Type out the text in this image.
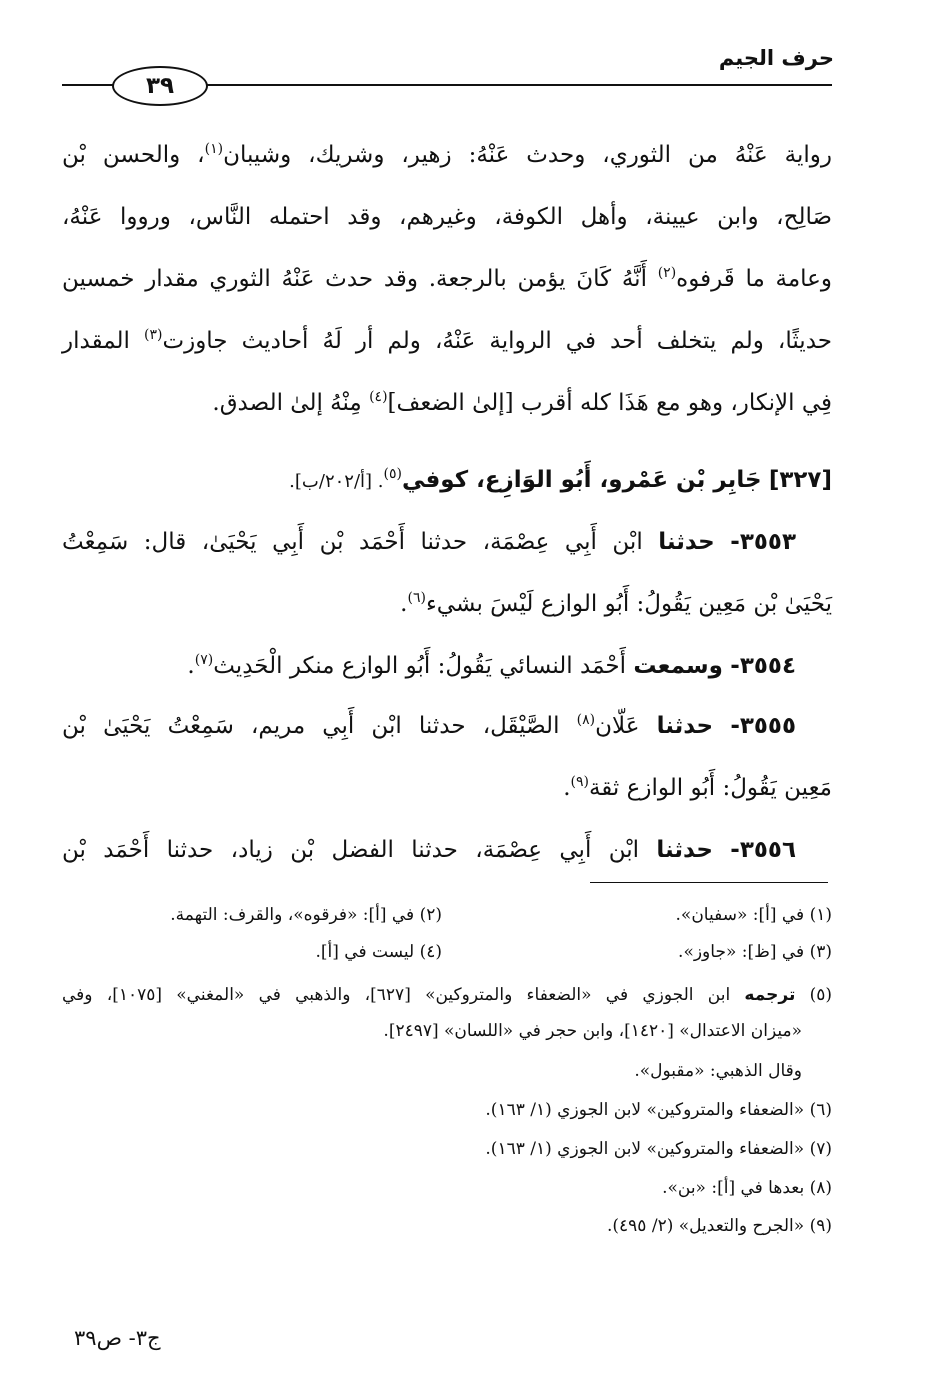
حرف الجيم
٣٩
رواية عَنْهُ من الثوري، وحدث عَنْهُ: زهير، وشريك، وشيبان$^{(١)}$، والحسن بْن
صَالِح، وابن عيينة، وأهل الكوفة، وغيرهم، وقد احتمله النَّاس، ورووا عَنْهُ،
وعامة ما قَرفوه$^{(٢)}$ أَنَّهُ كَانَ يؤمن بالرجعة. وقد حدث عَنْهُ الثوري مقدار خمسين
حديثًا، ولم يتخلف أحد في الرواية عَنْهُ، ولم أر لَهُ أحاديث جاوزت$^{(٣)}$ المقدار
فِي الإنكار، وهو مع هَذَا كله أقرب [إلىٰ الضعف]$^{(٤)}$ مِنْهُ إلىٰ الصدق.
[٣٢٧] جَابِر بْن عَمْرو، أَبُو الوَازِع، كوفي$^{(٥)}$. [أ/٢٠٢/ب].
٣٥٥٣- حدثنا ابْن أَبِي عِصْمَة، حدثنا أَحْمَد بْن أَبِي يَحْيَىٰ، قال: سَمِعْتُ
يَحْيَىٰ بْن مَعِين يَقُولُ: أَبُو الوازع لَيْسَ بشيء$^{(٦)}$.
٣٥٥٤- وسمعت أَحْمَد النسائي يَقُولُ: أَبُو الوازع منكر الْحَدِيث$^{(٧)}$.
٣٥٥٥- حدثنا عَلّان$^{(٨)}$ الصَّيْقَل، حدثنا ابْن أَبِي مريم، سَمِعْتُ يَحْيَىٰ بْن
مَعِين يَقُولُ: أَبُو الوازع ثقة$^{(٩)}$.
٣٥٥٦- حدثنا ابْن أَبِي عِصْمَة، حدثنا الفضل بْن زياد، حدثنا أَحْمَد بْن
(١) في [أ]: «سفيان».
(٢) في [أ]: «فرقوه»، والقرف: التهمة.
(٣) في [ظ]: «جاوز».
(٤) ليست في [أ].
(٥) ترجمه ابن الجوزي في «الضعفاء والمتروكين» [٦٢٧]، والذهبي في «المغني» [١٠٧٥]، وفي
«ميزان الاعتدال» [١٤٢٠]، وابن حجر في «اللسان» [٢٤٩٧].
وقال الذهبي: «مقبول».
(٦) «الضعفاء والمتروكين» لابن الجوزي (١/ ١٦٣).
(٧) «الضعفاء والمتروكين» لابن الجوزي (١/ ١٦٣).
(٨) بعدها في [أ]: «بن».
(٩) «الجرح والتعديل» (٢/ ٤٩٥).
ج٣- ص٣٩
